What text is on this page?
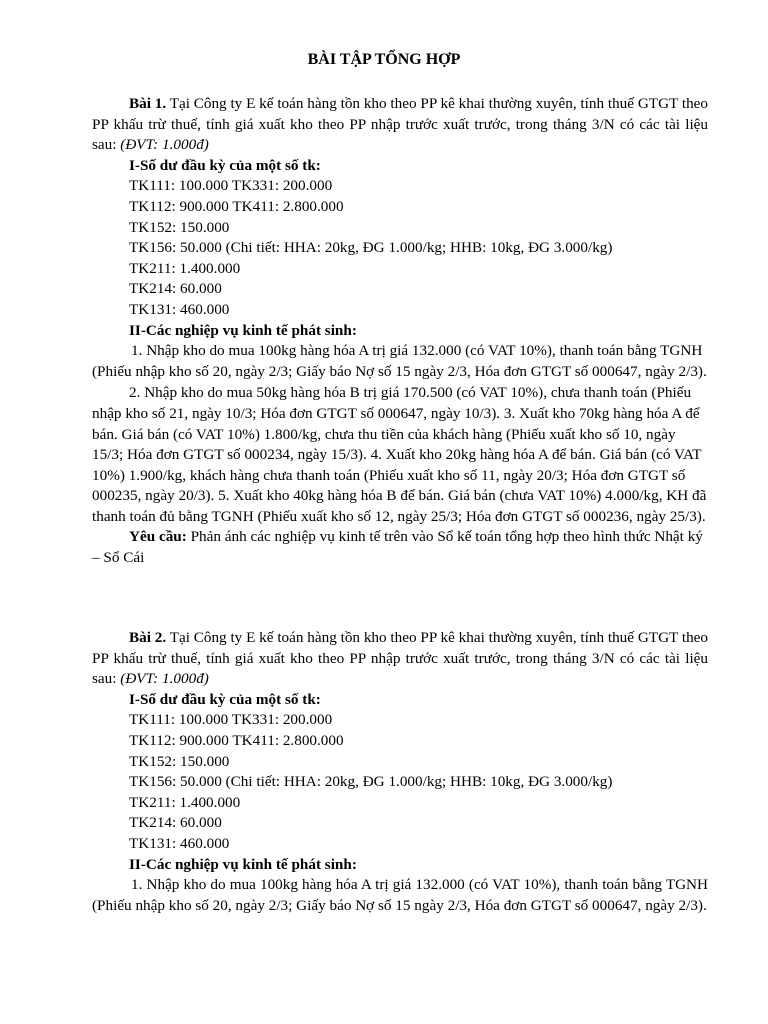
BÀI TẬP TỔNG HỢP

Bài 1. Tại Công ty E kế toán hàng tồn kho theo PP kê khai thường xuyên, tính thuế GTGT theo PP khấu trừ thuế, tính giá xuất kho theo PP nhập trước xuất trước, trong tháng 3/N có các tài liệu sau: (ĐVT: 1.000đ)

I-Số dư đầu kỳ của một số tk:

TK111: 100.000 TK331: 200.000

TK112: 900.000 TK411: 2.800.000

TK152: 150.000

TK156: 50.000 (Chi tiết: HHA: 20kg, ĐG 1.000/kg; HHB: 10kg, ĐG 3.000/kg)

TK211: 1.400.000

TK214: 60.000

TK131: 460.000

II-Các nghiệp vụ kinh tế phát sinh:

1. Nhập kho do mua 100kg hàng hóa A trị giá 132.000 (có VAT 10%), thanh toán bằng TGNH (Phiếu nhập kho số 20, ngày 2/3; Giấy báo Nợ số 15 ngày 2/3, Hóa đơn GTGT số 000647, ngày 2/3).

2. Nhập kho do mua 50kg hàng hóa B trị giá 170.500 (có VAT 10%), chưa thanh toán (Phiếu nhập kho số 21, ngày 10/3; Hóa đơn GTGT số 000647, ngày 10/3). 3. Xuất kho 70kg hàng hóa A để bán. Giá bán (có VAT 10%) 1.800/kg, chưa thu tiền của khách hàng (Phiếu xuất kho số 10, ngày 15/3; Hóa đơn GTGT số 000234, ngày 15/3). 4. Xuất kho 20kg hàng hóa A để bán. Giá bán (có VAT 10%) 1.900/kg, khách hàng chưa thanh toán (Phiếu xuất kho số 11, ngày 20/3; Hóa đơn GTGT số 000235, ngày 20/3). 5. Xuất kho 40kg hàng hóa B để bán. Giá bán (chưa VAT 10%) 4.000/kg, KH đã thanh toán đủ bằng TGNH (Phiếu xuất kho số 12, ngày 25/3; Hóa đơn GTGT số 000236, ngày 25/3).

Yêu cầu: Phản ánh các nghiệp vụ kinh tế trên vào Sổ kế toán tổng hợp theo hình thức Nhật ký – Sổ Cái

Bài 2. Tại Công ty E kế toán hàng tồn kho theo PP kê khai thường xuyên, tính thuế GTGT theo PP khấu trừ thuế, tính giá xuất kho theo PP nhập trước xuất trước, trong tháng 3/N có các tài liệu sau: (ĐVT: 1.000đ)

I-Số dư đầu kỳ của một số tk:

TK111: 100.000 TK331: 200.000

TK112: 900.000 TK411: 2.800.000

TK152: 150.000

TK156: 50.000 (Chi tiết: HHA: 20kg, ĐG 1.000/kg; HHB: 10kg, ĐG 3.000/kg)

TK211: 1.400.000

TK214: 60.000

TK131: 460.000

II-Các nghiệp vụ kinh tế phát sinh:

1. Nhập kho do mua 100kg hàng hóa A trị giá 132.000 (có VAT 10%), thanh toán bằng TGNH (Phiếu nhập kho số 20, ngày 2/3; Giấy báo Nợ số 15 ngày 2/3, Hóa đơn GTGT số 000647, ngày 2/3).
